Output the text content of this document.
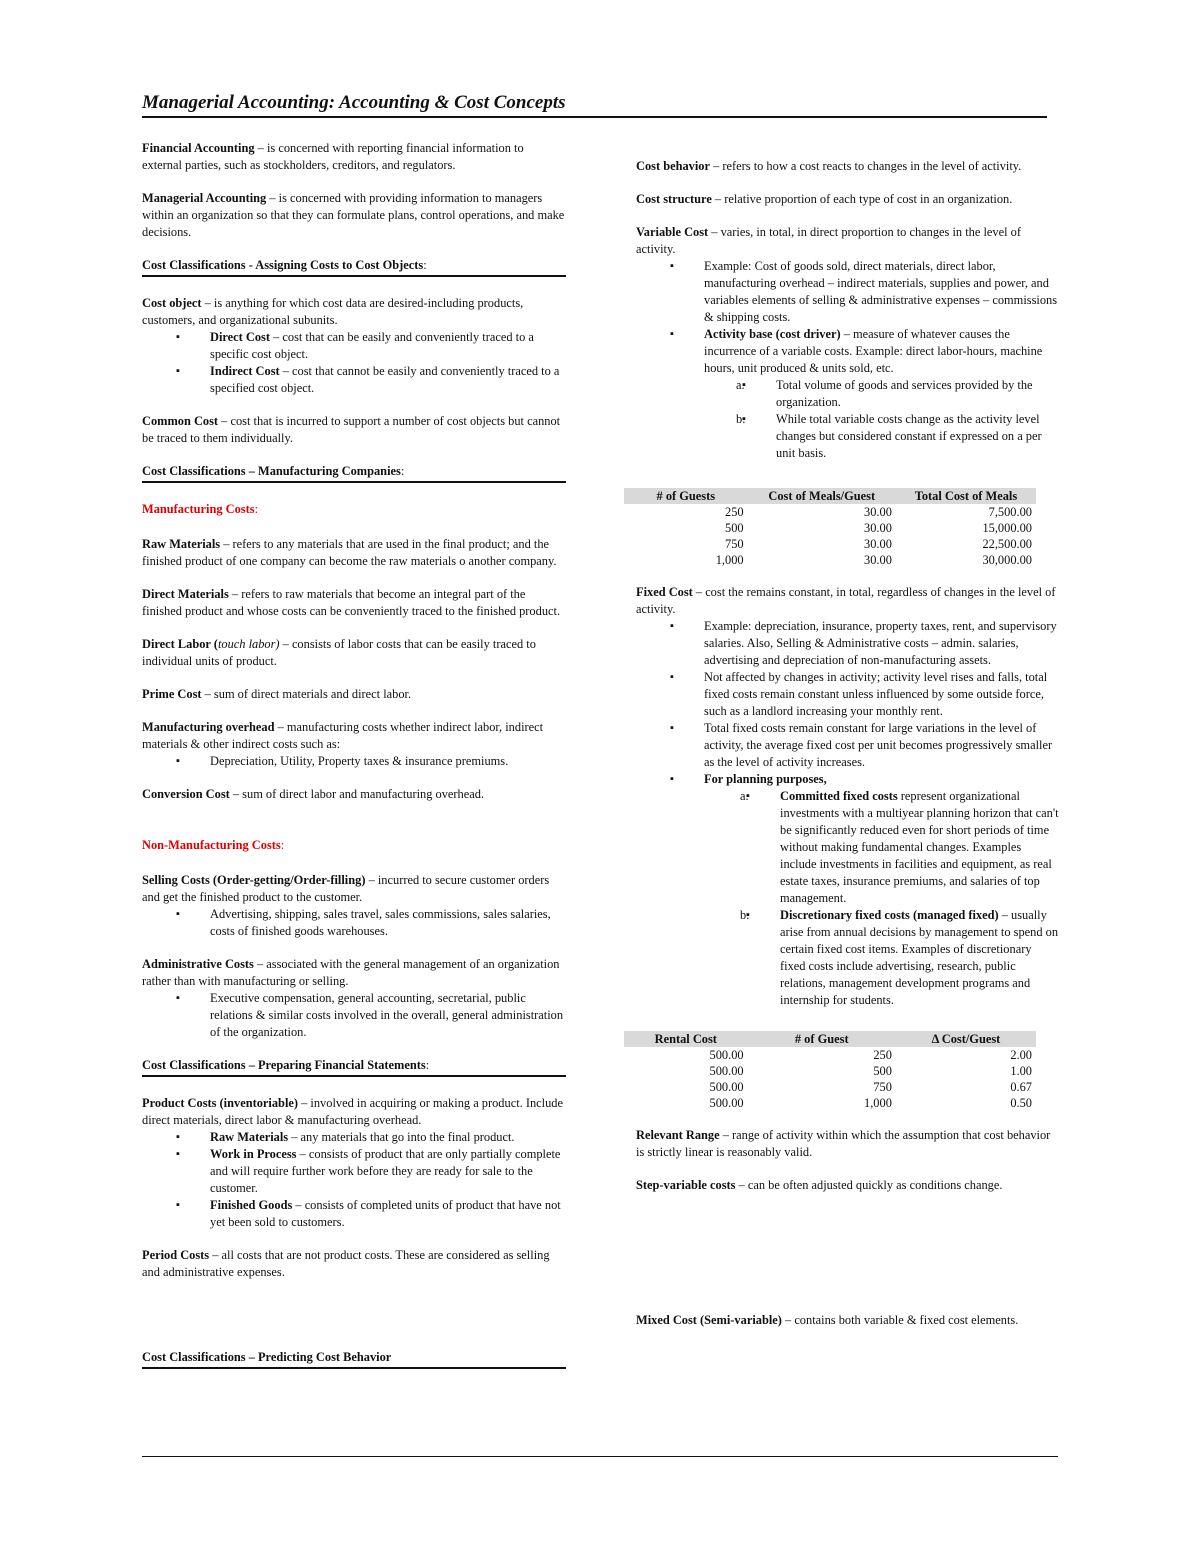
Managerial Accounting: Accounting & Cost Concepts

Financial Accounting – is concerned with reporting financial information to external parties, such as stockholders, creditors, and regulators.

Managerial Accounting – is concerned with providing information to managers within an organization so that they can formulate plans, control operations, and make decisions.

Cost Classifications - Assigning Costs to Cost Objects:

Cost object – is anything for which cost data are desired-including products, customers, and organizational subunits.

▪ Direct Cost – cost that can be easily and conveniently traced to a specific cost object.
▪ Indirect Cost – cost that cannot be easily and conveniently traced to a specified cost object.

Common Cost – cost that is incurred to support a number of cost objects but cannot be traced to them individually.

Cost Classifications – Manufacturing Companies:

Manufacturing Costs:

Raw Materials – refers to any materials that are used in the final product; and the finished product of one company can become the raw materials o another company.

Direct Materials – refers to raw materials that become an integral part of the finished product and whose costs can be conveniently traced to the finished product.

Direct Labor (touch labor) – consists of labor costs that can be easily traced to individual units of product.

Prime Cost – sum of direct materials and direct labor.

Manufacturing overhead – manufacturing costs whether indirect labor, indirect materials & other indirect costs such as:

▪ Depreciation, Utility, Property taxes & insurance premiums.

Conversion Cost – sum of direct labor and manufacturing overhead.

Non-Manufacturing Costs:

Selling Costs (Order-getting/Order-filling) – incurred to secure customer orders and get the finished product to the customer.

▪ Advertising, shipping, sales travel, sales commissions, sales salaries, costs of finished goods warehouses.

Administrative Costs – associated with the general management of an organization rather than with manufacturing or selling.

▪ Executive compensation, general accounting, secretarial, public relations & similar costs involved in the overall, general administration of the organization.
Cost Classifications – Preparing Financial Statements:

Product Costs (inventoriable) – involved in acquiring or making a product. Include direct materials, direct labor & manufacturing overhead.

▪ Raw Materials – any materials that go into the final product.
▪ Work in Process – consists of product that are only partially complete and will require further work before they are ready for sale to the customer.
▪ Finished Goods – consists of completed units of product that have not yet been sold to customers.

Period Costs – all costs that are not product costs. These are considered as selling and administrative expenses.

Cost Classifications – Predicting Cost Behavior

Cost behavior – refers to how a cost reacts to changes in the level of activity.

Cost structure – relative proportion of each type of cost in an organization.

Variable Cost – varies, in total, in direct proportion to changes in the level of activity.

▪ Example: Cost of goods sold, direct materials, direct labor, manufacturing overhead – indirect materials, supplies and power, and variables elements of selling & administrative expenses – commissions & shipping costs.
▪ Activity base (cost driver) – measure of whatever causes the incurrence of a variable costs. Example: direct labor-hours, machine hours, unit produced & units sold, etc.
▪ a.	Total volume of goods and services provided by the organization.
▪ b. While total variable costs change as the activity level changes but considered constant if expressed on a per unit basis.
# of Guests	Cost of Meals/Guest	Total Cost of Meals
250	30.00	7,500.00
500	30.00	15,000.00
750	30.00	22,500.00
1,000	30.00	30,000.00

Fixed Cost – cost the remains constant, in total, regardless of changes in the level of activity.

▪ Example: depreciation, insurance, property taxes, rent, and supervisory salaries. Also, Selling & Administrative costs – admin. salaries, advertising and depreciation of non-manufacturing assets.
▪ Not affected by changes in activity; activity level rises and falls, total fixed costs remain constant unless influenced by some outside force, such as a landlord increasing your monthly rent.
▪ Total fixed costs remain constant for large variations in the level of activity, the average fixed cost per unit becomes progressively smaller as the level of activity increases.
▪ For planning purposes,
▪ a.	Committed fixed costs represent organizational investments with a multiyear planning horizon that can't be significantly reduced even for short periods of time without making fundamental changes. Examples include investments in facilities and equipment, as real estate taxes, insurance premiums, and salaries of top management.
▪ b. Discretionary fixed costs (managed fixed) – usually arise from annual decisions by management to spend on certain fixed cost items. Examples of discretionary fixed costs include advertising, research, public relations, management development programs and internship for students.
Rental Cost	# of Guest	Δ Cost/Guest
500.00	250	2.00
500.00	500	1.00
500.00	750	0.67
500.00	1,000	0.50

Relevant Range – range of activity within which the assumption that cost behavior is strictly linear is reasonably valid.

Step-variable costs – can be often adjusted quickly as conditions change.

Mixed Cost (Semi-variable) – contains both variable & fixed cost elements.
